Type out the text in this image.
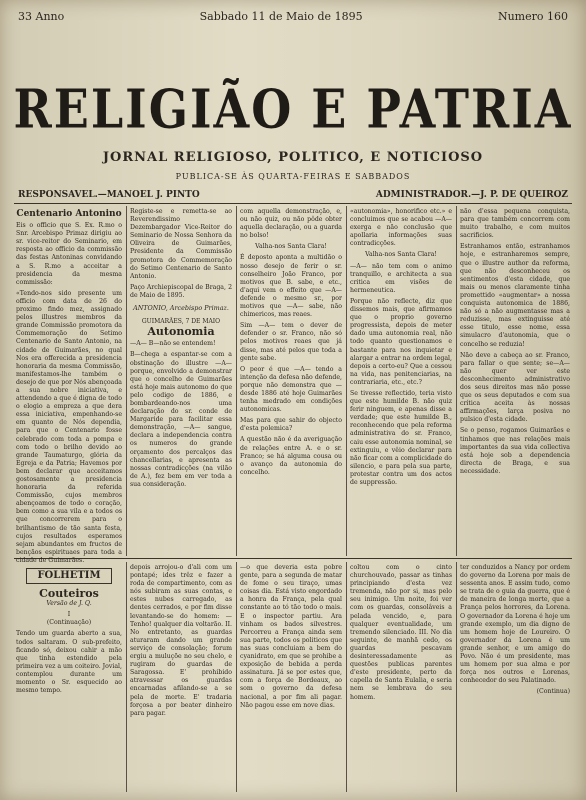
33 Anno	Sabbado 11 de Maio de 1895	Numero 160
RELIGIÃO E PATRIA
JORNAL RELIGIOSO, POLITICO, E NOTICIOSO
PUBLICA-SE ÀS QUARTA-FEIRAS E SABBADOS
RESPONSAVEL.—MANOEL J. PINTO	ADMINISTRADOR.—J. P. DE QUEIROZ
Centenario Antonino

Eis o officio que S. Ex. R.mo o Snr. Arcebispo Primaz dirigiu ao sr. vice-reitor do Seminario, em resposta ao officio da commissão das festas Antoninas convidando a S. R.mo a acceitar a presidencia da mesma commissão:

«Tendo-nos sido presente um officio com data de 26 do proximo findo mez, assignado pelos illustres membros da grande Commissão promotora da Commemoração do Setimo Centenario de Santo Antonio, na cidade de Guimarães, no qual Nos era offerecida a presidencia honoraria da mesma Commissão, manifestamos-lhe também o desejo de que por Nós abençoada a sua nobre iniciativa, e attendendo a que é digna de todo o elogio a empreza a que dera essa iniciativa, empenhando-se em quanto de Nós dependia, para que o Centenario fosse celebrado com toda a pompa e com todo o brilho devido ao grande Taumaturgo, glória da Egreja e da Patria; Havemos por bem declarar que acceitamos gostosamente a presidencia honoraria da referida Commissão, cujos membros abençoamos de todo o coração, bem como a sua vila e a todos os que concorrerem para o brilhantismo de tão santa festa, cujos resultados esperamos sejam abundantes em fructos de bençãos espirituaes para toda a cidade de Guimarães.

Registe-se e remetta-se ao Reverendissimo Dezembargador Vice-Reitor do Seminario de Nossa Senhora da Oliveira de Guimarães, Presidente da Commissão promotora do Commemoração do Setimo Centenario de Santo Antonio.

Paço Archiepiscopal de Braga, 2 de Maio de 1895.

ANTONIO, Arcebispo Primaz.
GUIMARÃES, 7 DE MAIO
Autonomia

—A— B—não se entendem!

B—chega a espantar-se com a obstinação do illustre —A— porque, envolvido a demonstrar que o concelho de Guimarães está hoje mais autonomo do que pelo codigo de 1886, e bombardeando-nos uma declaração do sr. conde de Margaride para facilitar essa demonstração, —A— sangue, declara a independencia contra os numeros do grande orçamento dos percalços das chancellarias, e apresenta as nossas contradicções (na vilão de A.), fez bem em ver toda a sua consideração.

com aquella demonstração, e, ou não quiz, ou não pôde obter aquella declaração, ou a guarda no bolso!

Valha-nos Santa Clara!

É deposto aponta a multidão o nosso desejo de ferir o sr. conselheiro João Franco, por motivos que B. sabe, e etc., d'aqui vem o effeito que —A— defende o mesmo sr., por motivos que —A— sabe, não chimericos, mas reaes.

Sim —A— tem o dever de defender o sr. Franco, não só pelos motivos reaes que já disse, mas até pelos que toda a gente sabe.

O peor é que —A— tendo a intenção da defesa não defende, porque não demonstra que —desde 1886 até hoje Guimarães tenha medrado em condições autonomicas.

Mas para que sahir do objecto d'esta polemica?

A questão não é da averiguação de relações entre A. e o sr. Franco; se há alguma cousa ou o avanço da autonomia do concelho.

«autonomia», honorifico etc.» e concluimos que se acabou —A— exerga e não conclusão que apollaria informações suas contradicções.

Valha-nos Santa Clara!

—A— não tem com o animo tranquillo, e architecta a sua critica em visões de hermeneutica.

Porque não reflecte, diz que dissemos mais, que afirmamos que o proprio governo progressista, depois de meter dado uma autonomia real, não todo quanto questionamos e bastante para nos inquietar e alargar a entrar na ordem legal, depois a certo-eu? Que a cessou na vida, nas penitenciarias, na contrariaria, etc., etc.?

Se tivesse reflectido, teria visto que este humilde B. não quiz ferir ninguem, e apenas disse a verdade; que este humilde B., reconhecendo que pela reforma administrativa do sr. Franco, caiu esse autonomia nominal, se extinguiu, e vêio declarar para não ficar com a complicidade do silencio, e para pela sua parte, protestar contra um dos actos de suppressão.

não d'essa pequena conquista, para que também concorrem com muito trabalho, e com muitos sacrificios.

Estranhamos então, estranhamos hoje, e estranharemos sempre, que o illustre author da reforma, que não desconheceu os sentimentos d'esta cidade, que mais ou menos claramente tinha promettido «augmentar» a nossa conquista autonomica de 1886, não só a não augmentasse mas a reduzisse, mas extinguisse até esse titulo, esse nome, essa simulacro d'autonomia, que o concelho se reduzia!

Não deve a cabeça ao sr. Franco, para fallar o que sente; se—A— não quer ver este desconhecimento administrativo dos seus direitos mas não posse que os seus deputados e com sua crítica aceita às nossas affirmações, larça posiva no pulsico d'esta cidade.

Se o penso, rogamos Guimarães e tinhamos que nas relações mais importantes da sua vida collectiva está hoje sob a dependencia directa de Braga, e sua necessidade.

FOLHETIM
Couteiros
Versão de J. Q.
I
(Continuação)

Tendo um guarda aberto a sua, todos saltaram. O sub-prefeito, ficando só, deixou cahir a mão que tinha estendido pela primeira vez a um coiteiro. Jovial, contemplou durante um momento o Sr. esquecido ao mesmo tempo.

depois arrojou-o d'ali com um pontapé; ides trêz e fazer a roda de compartimento, com as nós subiram as suas contas, e estes nubes carregado, as dentes cerrados, e por fim disse levantando-se do homem: —Tenho! qualquer dia voltarão. II. No entretanto, as guardas aturaram dando um grande serviço de consolação; forum ergiu a muluçõe no seu chelo, e rugiram do guardas de Saragossa. E' prohibido atravessar os guardas encarnadas afilando-se a se pela de morte. E' tradaria forçosa a por beater dinheiro para pagar.

—o que deveria esta pobre gente, para a segunda de matar de fome o seu tiraço, umas coisas dia. Está visto engordado a honra da França, pela qual constante ao tó tão todo o mais. E o inspector partiu. Ara vinham os bados silvestres. Percorreu a França ainda sem sua parte, todos os politicos que nas suas concluiam a bem do cyanidrato, em que se prohibe a exposição de bebida a perda assinatura. Já se por estes que, com a força de Bordeaux, ao som o governo da defesa nacional, a por fim ali pagar. Não pagou esse em nove dias.

coltou com o cinto churchouvado, passar as tinhas principiando d'esta vez tremenda, não por si, mas pelo seu inimigo. Um noite, foi ver com os guardas, consolâveis a pelada vencido, e, para qualquer eventualidade, um tremendo silenciado. III. No dia seguinte, de manhã cedo, os guardas pescavam desinteressadamente as questões publicas parentes d'este presidente, perto da capella de Santa Eulalia, e seria nem se lembrava do seu homem.

ter conduzidos a Nancy por ordem do governo da Lorena por mais de sessenta anos. E assim tudo, como se trata de o guia da guerra, que é de maneira de longa morte, que a França pelos horrores, da Lorena. O governador da Lorena é hoje um grande exemplo, um dia digno de um homem hoje de Loureiro. O governador da Lorena é um grande senhor, e um amigo do Povo. Não é um presidente, mas um homem por sua alma e por força nos outros e Lorenas, conhecedor do seu Palatinado.

(Continua)
